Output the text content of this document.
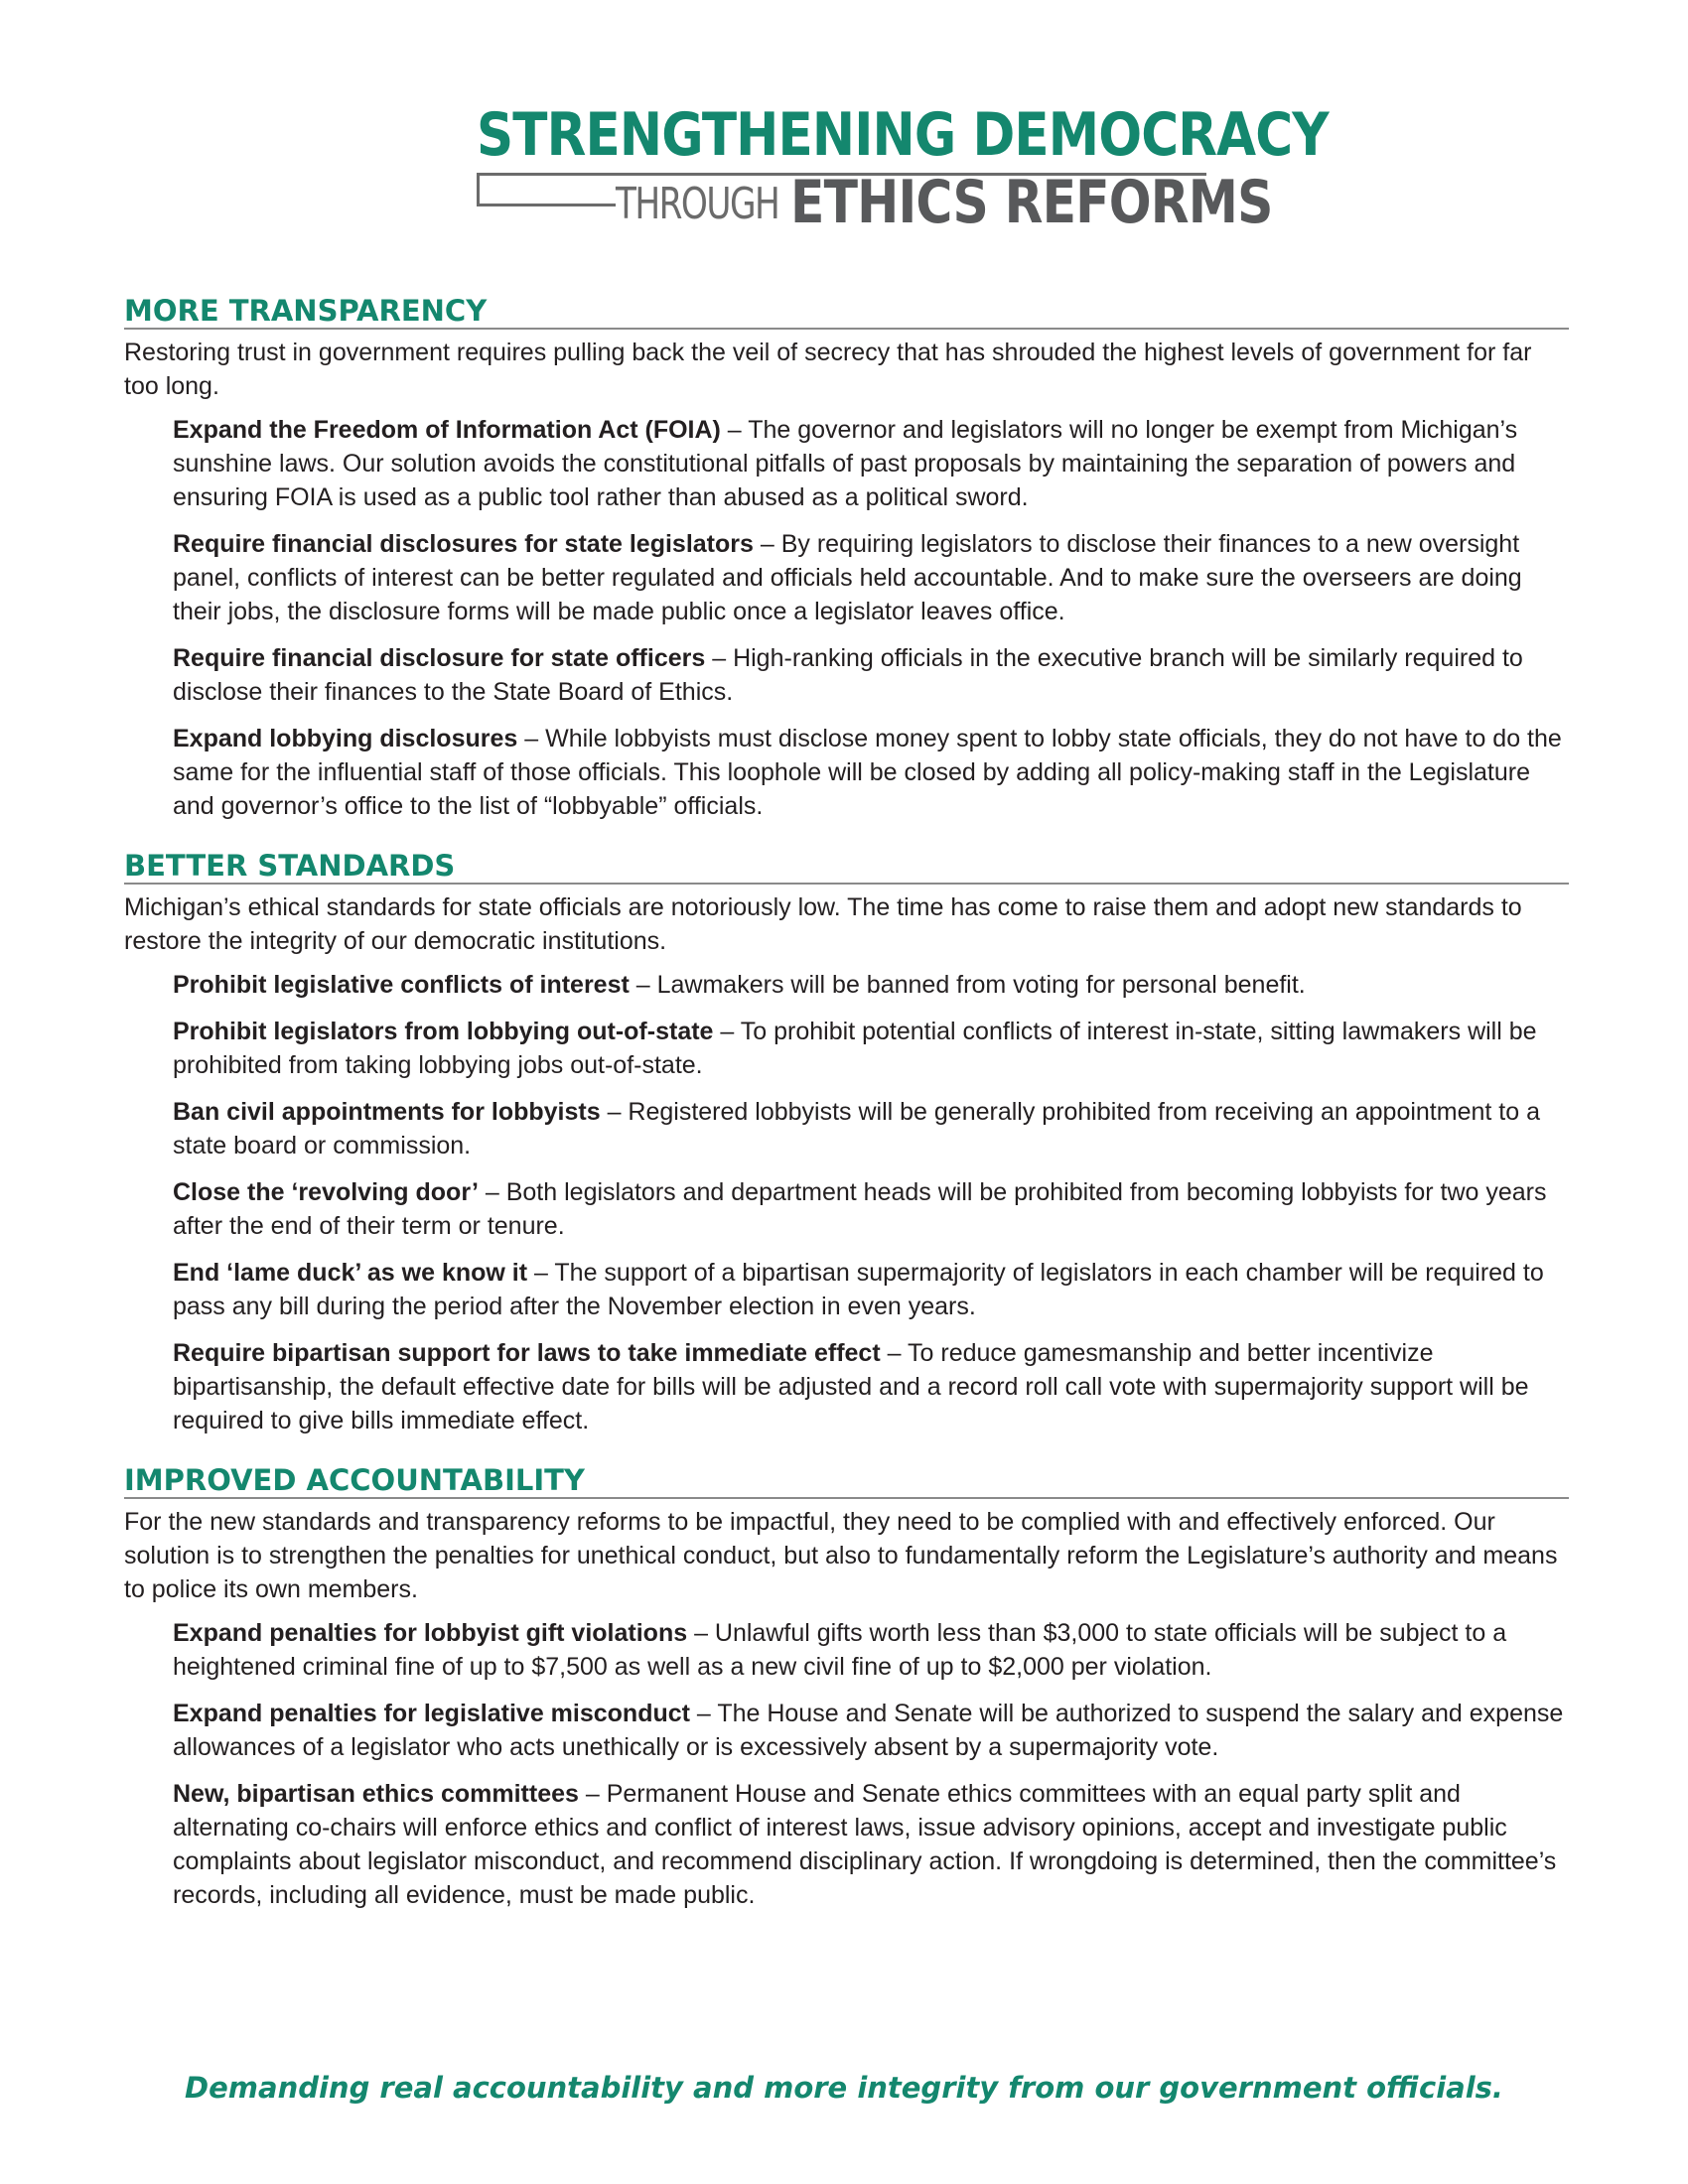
STRENGTHENING DEMOCRACY
THROUGH ETHICS REFORMS
MORE TRANSPARENCY

Restoring trust in government requires pulling back the veil of secrecy that has shrouded the highest levels of government for far too long.

Expand the Freedom of Information Act (FOIA) – The governor and legislators will no longer be exempt from Michigan’s sunshine laws. Our solution avoids the constitutional pitfalls of past proposals by maintaining the separation of powers and ensuring FOIA is used as a public tool rather than abused as a political sword.

Require financial disclosures for state legislators – By requiring legislators to disclose their finances to a new oversight panel, conflicts of interest can be better regulated and officials held accountable. And to make sure the overseers are doing their jobs, the disclosure forms will be made public once a legislator leaves office.

Require financial disclosure for state officers – High-ranking officials in the executive branch will be similarly required to disclose their finances to the State Board of Ethics.

Expand lobbying disclosures – While lobbyists must disclose money spent to lobby state officials, they do not have to do the same for the influential staff of those officials. This loophole will be closed by adding all policy-making staff in the Legislature and governor’s office to the list of “lobbyable” officials.

BETTER STANDARDS

Michigan’s ethical standards for state officials are notoriously low. The time has come to raise them and adopt new standards to restore the integrity of our democratic institutions.

Prohibit legislative conflicts of interest – Lawmakers will be banned from voting for personal benefit.

Prohibit legislators from lobbying out-of-state – To prohibit potential conflicts of interest in-state, sitting lawmakers will be prohibited from taking lobbying jobs out-of-state.

Ban civil appointments for lobbyists – Registered lobbyists will be generally prohibited from receiving an appointment to a state board or commission.

Close the ‘revolving door’ – Both legislators and department heads will be prohibited from becoming lobbyists for two years after the end of their term or tenure.

End ‘lame duck’ as we know it – The support of a bipartisan supermajority of legislators in each chamber will be required to pass any bill during the period after the November election in even years.

Require bipartisan support for laws to take immediate effect – To reduce gamesmanship and better incentivize bipartisanship, the default effective date for bills will be adjusted and a record roll call vote with supermajority support will be required to give bills immediate effect.

IMPROVED ACCOUNTABILITY

For the new standards and transparency reforms to be impactful, they need to be complied with and effectively enforced. Our solution is to strengthen the penalties for unethical conduct, but also to fundamentally reform the Legislature’s authority and means to police its own members.

Expand penalties for lobbyist gift violations – Unlawful gifts worth less than $3,000 to state officials will be subject to a heightened criminal fine of up to $7,500 as well as a new civil fine of up to $2,000 per violation.

Expand penalties for legislative misconduct – The House and Senate will be authorized to suspend the salary and expense allowances of a legislator who acts unethically or is excessively absent by a supermajority vote.

New, bipartisan ethics committees – Permanent House and Senate ethics committees with an equal party split and alternating co-chairs will enforce ethics and conflict of interest laws, issue advisory opinions, accept and investigate public complaints about legislator misconduct, and recommend disciplinary action. If wrongdoing is determined, then the committee’s records, including all evidence, must be made public.

Demanding real accountability and more integrity from our government officials.
